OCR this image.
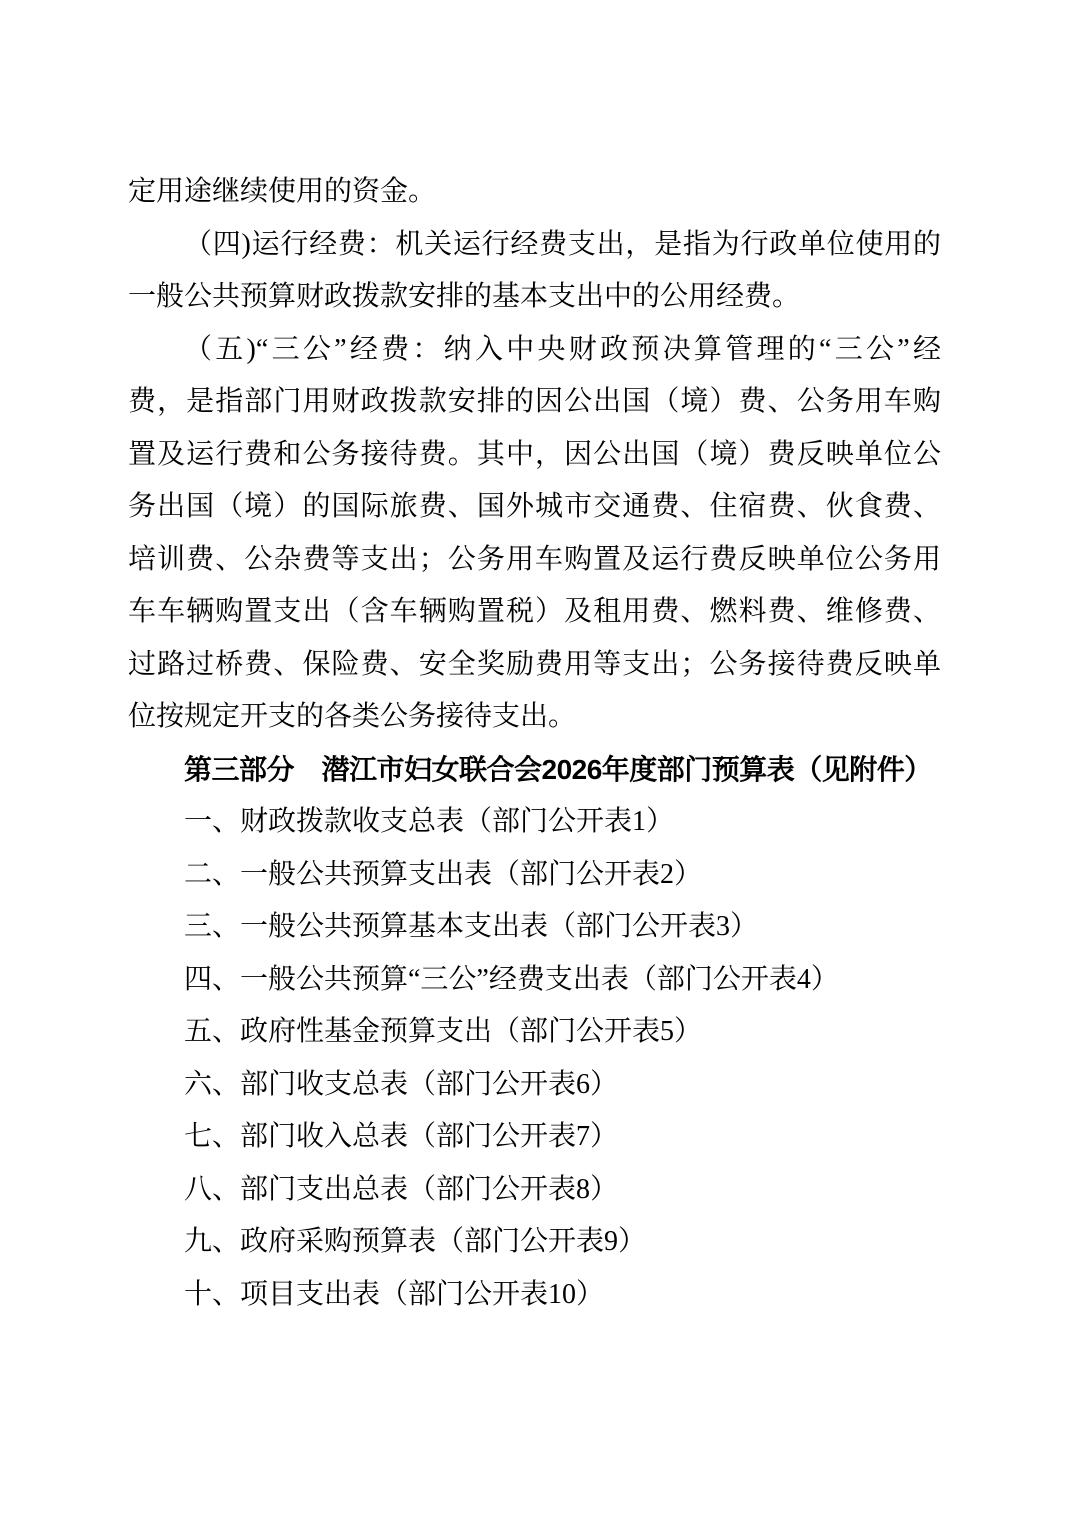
定用途继续使用的资金。
（四)运行经费：机关运行经费支出，是指为行政单位使用的
一般公共预算财政拨款安排的基本支出中的公用经费。
（五)“三公”经费：纳入中央财政预决算管理的“三公”经
费，是指部门用财政拨款安排的因公出国（境）费、公务用车购
置及运行费和公务接待费。其中，因公出国（境）费反映单位公
务出国（境）的国际旅费、国外城市交通费、住宿费、伙食费、
培训费、公杂费等支出；公务用车购置及运行费反映单位公务用
车车辆购置支出（含车辆购置税）及租用费、燃料费、维修费、
过路过桥费、保险费、安全奖励费用等支出；公务接待费反映单
位按规定开支的各类公务接待支出。
第三部分　潜江市妇女联合会2026年度部门预算表（见附件）
一、财政拨款收支总表（部门公开表1）
二、一般公共预算支出表（部门公开表2）
三、一般公共预算基本支出表（部门公开表3）
四、一般公共预算“三公”经费支出表（部门公开表4）
五、政府性基金预算支出（部门公开表5）
六、部门收支总表（部门公开表6）
七、部门收入总表（部门公开表7）
八、部门支出总表（部门公开表8）
九、政府采购预算表（部门公开表9）
十、项目支出表（部门公开表10）
